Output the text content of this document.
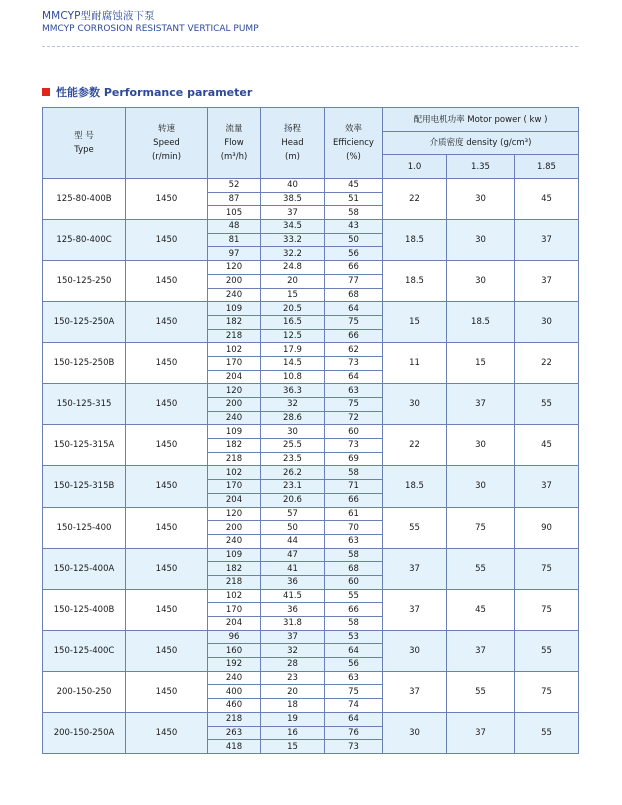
MMCYP型耐腐蚀液下泵
MMCYP CORROSION RESISTANT VERTICAL PUMP
性能参数 Performance parameter
型 号
Type	转速
Speed
(r/min)	流量
Flow
(m³/h)	扬程
Head
(m)	效率
Efficiency
(%)	配用电机功率 Motor power ( kw )		
					介质密度 density (g/cm³)		
					1.0	1.35	1.85
125-80-400B	1450	52	40	45	22	30	45
		87	38.5	51			
		105	37	58			
125-80-400C	1450	48	34.5	43	18.5	30	37
		81	33.2	50			
		97	32.2	56			
150-125-250	1450	120	24.8	66	18.5	30	37
		200	20	77			
		240	15	68			
150-125-250A	1450	109	20.5	64	15	18.5	30
		182	16.5	75			
		218	12.5	66			
150-125-250B	1450	102	17.9	62	11	15	22
		170	14.5	73			
		204	10.8	64			
150-125-315	1450	120	36.3	63	30	37	55
		200	32	75			
		240	28.6	72			
150-125-315A	1450	109	30	60	22	30	45
		182	25.5	73			
		218	23.5	69			
150-125-315B	1450	102	26.2	58	18.5	30	37
		170	23.1	71			
		204	20.6	66			
150-125-400	1450	120	57	61	55	75	90
		200	50	70			
		240	44	63			
150-125-400A	1450	109	47	58	37	55	75
		182	41	68			
		218	36	60			
150-125-400B	1450	102	41.5	55	37	45	75
		170	36	66			
		204	31.8	58			
150-125-400C	1450	96	37	53	30	37	55
		160	32	64			
		192	28	56			
200-150-250	1450	240	23	63	37	55	75
		400	20	75			
		460	18	74			
200-150-250A	1450	218	19	64	30	37	55
		263	16	76			
		418	15	73			
